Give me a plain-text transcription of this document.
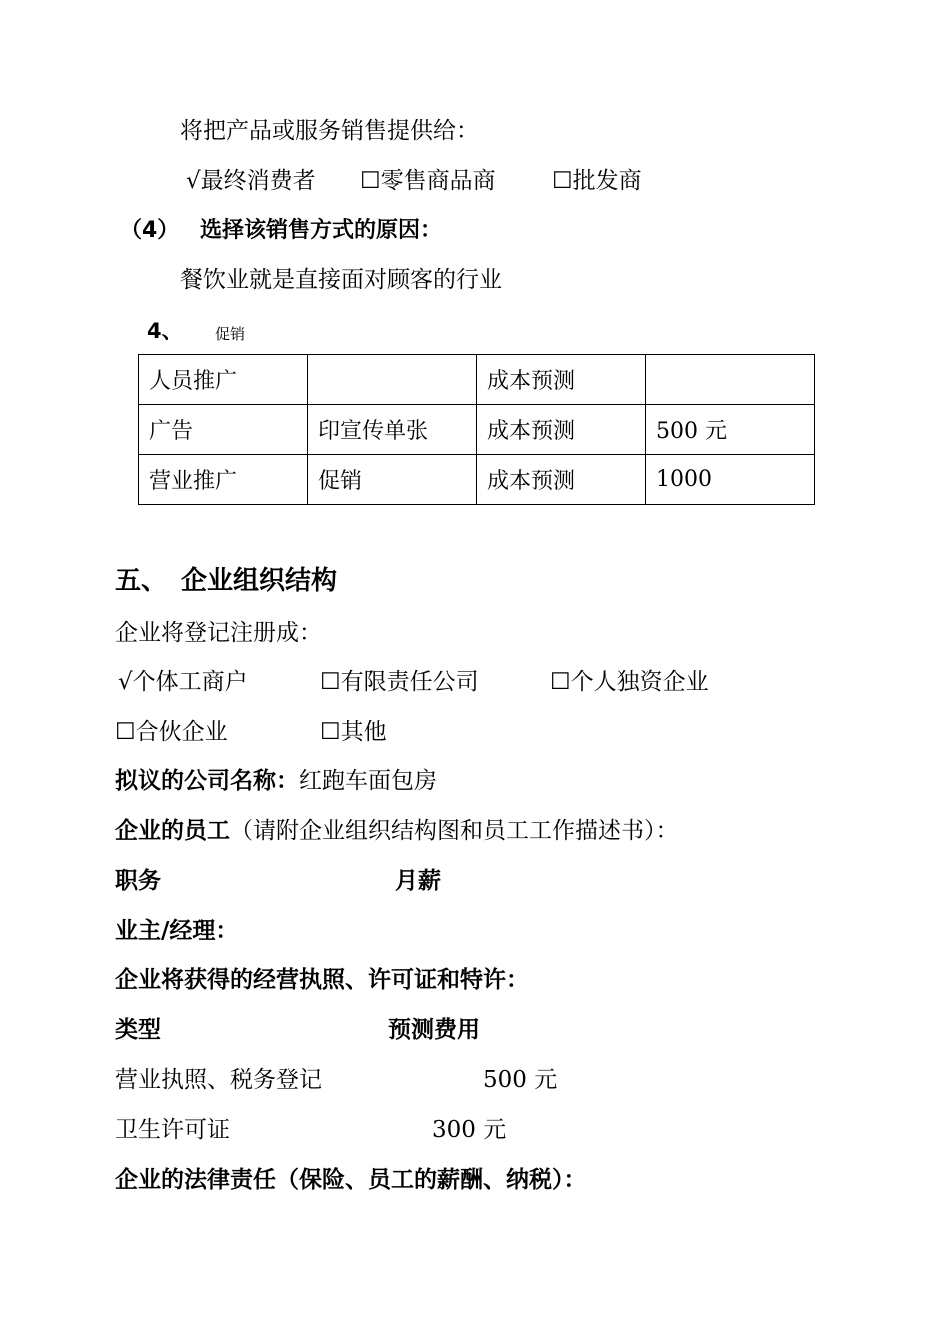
将把产品或服务销售提供给：
√最终消费者 ☐零售商品商 ☐批发商
（4） 选择该销售方式的原因：
餐饮业就是直接面对顾客的行业
4、 促销
人员推广		成本预测	
广告	印宣传单张	成本预测	500 元
营业推广	促销	成本预测	1000
五、 企业组织结构
企业将登记注册成：
√个体工商户	☐有限责任公司	☐个人独资企业
☐合伙企业	☐其他
拟议的公司名称：红跑车面包房
企业的员工（请附企业组织结构图和员工工作描述书）：
职务	月薪
业主/经理：
企业将获得的经营执照、许可证和特许：
类型	预测费用
营业执照、税务登记	500 元
卫生许可证	300 元
企业的法律责任（保险、员工的薪酬、纳税）：
